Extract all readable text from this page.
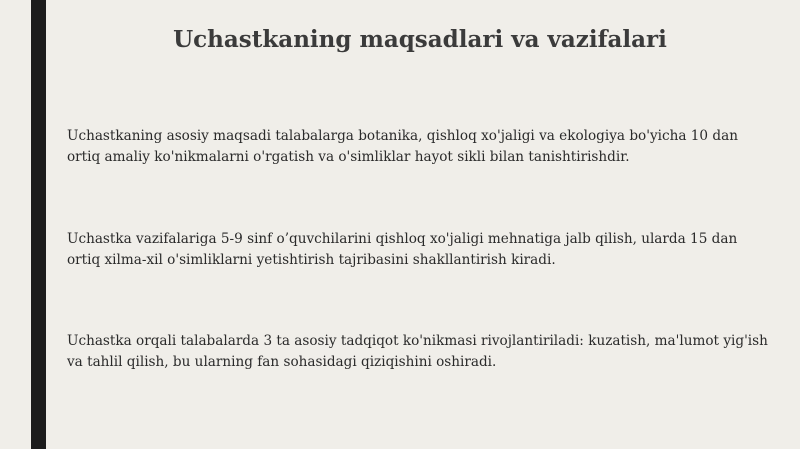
Uchastkaning maqsadlari va vazifalari

Uchastkaning asosiy maqsadi talabalarga botanika, qishloq xo'jaligi va ekologiya bo'yicha 10 dan ortiq amaliy ko'nikmalarni o'rgatish va o'simliklar hayot sikli bilan tanishtirishdir.

Uchastka vazifalariga 5-9 sinf o’quvchilarini qishloq xo'jaligi mehnatiga jalb qilish, ularda 15 dan ortiq xilma-xil o'simliklarni yetishtirish tajribasini shakllantirish kiradi.

Uchastka orqali talabalarda 3 ta asosiy tadqiqot ko'nikmasi rivojlantiriladi: kuzatish, ma'lumot yig'ish va tahlil qilish, bu ularning fan sohasidagi qiziqishini oshiradi.
